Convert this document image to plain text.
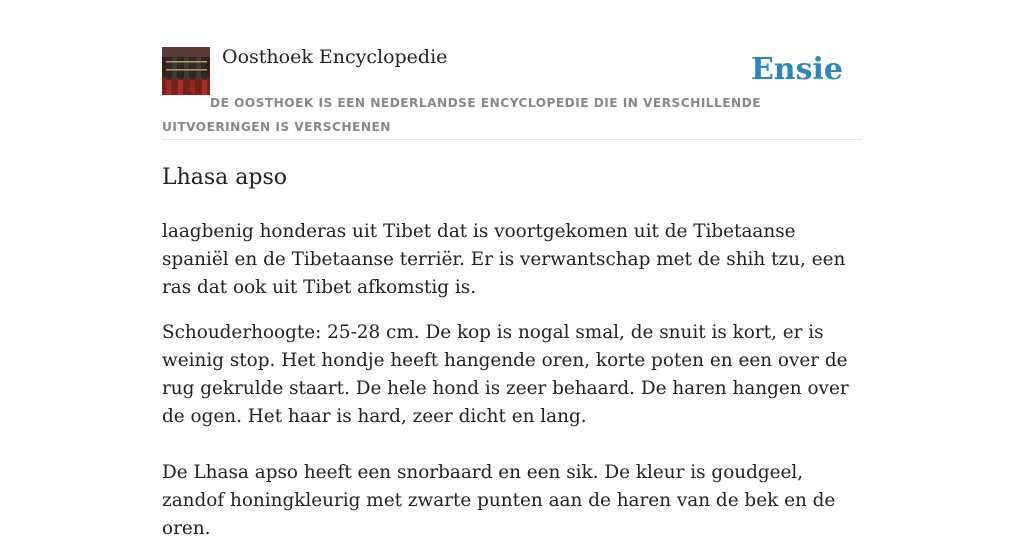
Oosthoek Encyclopedie	Ensie

DE OOSTHOEK IS EEN NEDERLANDSE ENCYCLOPEDIE DIE IN VERSCHILLENDE UITVOERINGEN IS VERSCHENEN

Lhasa apso

laagbenig honderas uit Tibet dat is voortgekomen uit de Tibetaanse spaniël en de Tibetaanse terriër. Er is verwantschap met de shih tzu, een ras dat ook uit Tibet afkomstig is.

Schouderhoogte: 25-28 cm. De kop is nogal smal, de snuit is kort, er is weinig stop. Het hondje heeft hangende oren, korte poten en een over de rug gekrulde staart. De hele hond is zeer behaard. De haren hangen over de ogen. Het haar is hard, zeer dicht en lang.

De Lhasa apso heeft een snorbaard en een sik. De kleur is goudgeel, zandof honingkleurig met zwarte punten aan de haren van de bek en de oren.
